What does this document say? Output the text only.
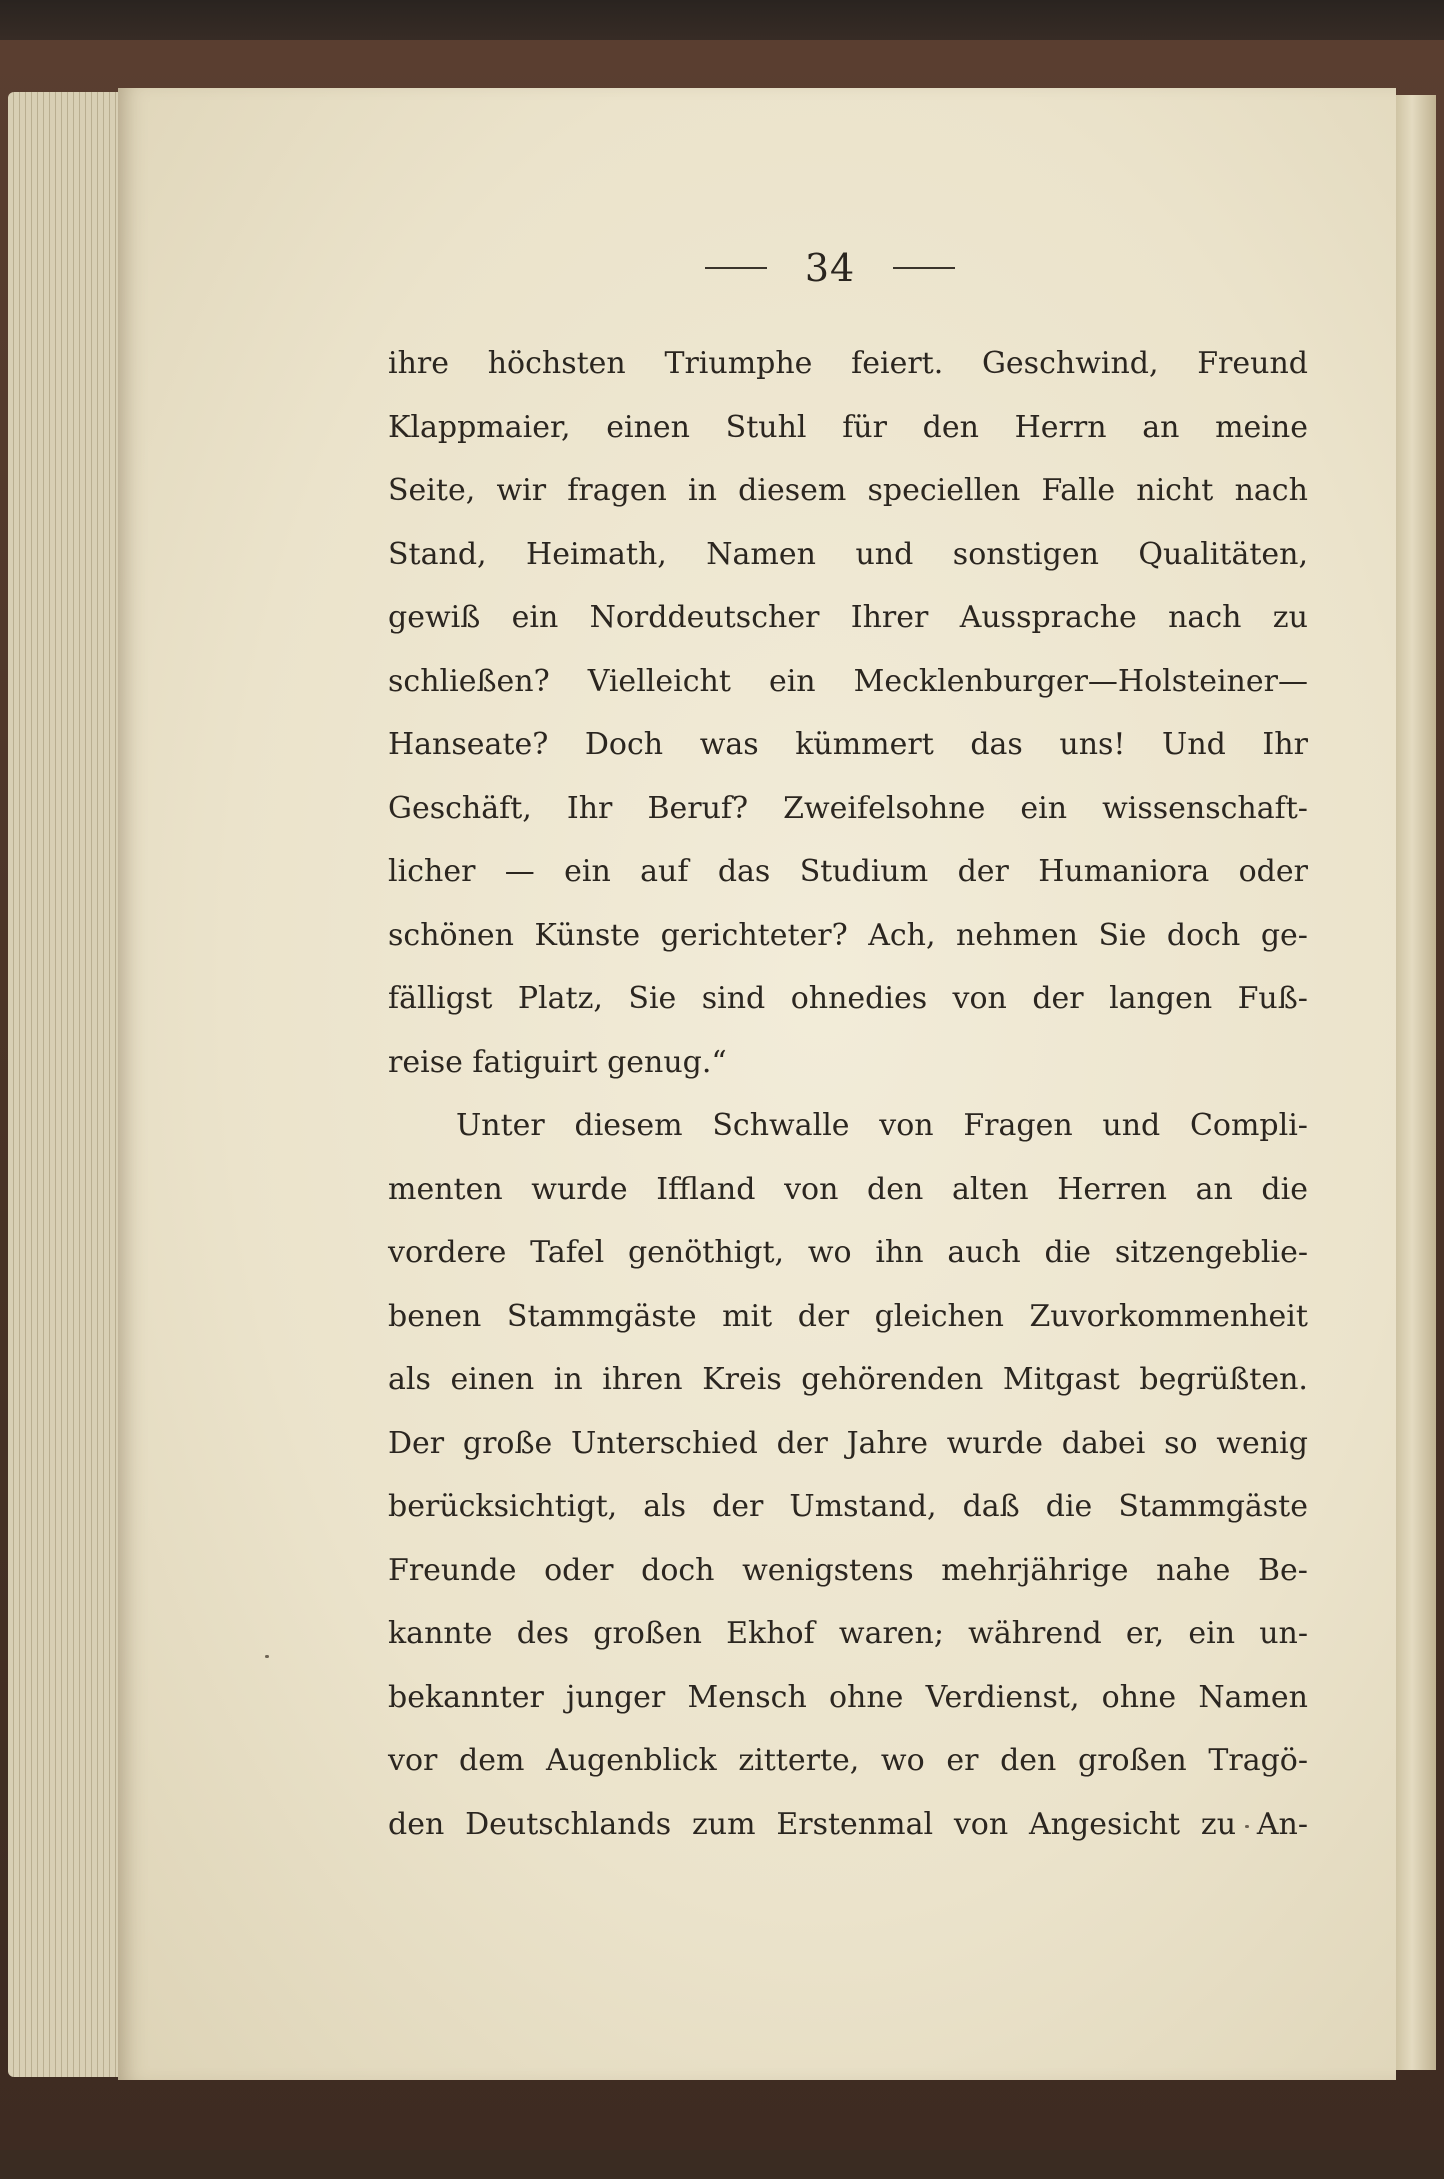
34
ihre höchsten Triumphe feiert. Geschwind, Freund
Klappmaier, einen Stuhl für den Herrn an meine
Seite, wir fragen in diesem speciellen Falle nicht nach
Stand, Heimath, Namen und sonstigen Qualitäten,
gewiß ein Norddeutscher Ihrer Aussprache nach zu
schließen? Vielleicht ein Mecklenburger—Holsteiner—
Hanseate? Doch was kümmert das uns! Und Ihr
Geschäft, Ihr Beruf? Zweifelsohne ein wissenschaft-
licher — ein auf das Studium der Humaniora oder
schönen Künste gerichteter? Ach, nehmen Sie doch ge-
fälligst Platz, Sie sind ohnedies von der langen Fuß-
reise fatiguirt genug.“
Unter diesem Schwalle von Fragen und Compli-
menten wurde Iffland von den alten Herren an die
vordere Tafel genöthigt, wo ihn auch die sitzengeblie-
benen Stammgäste mit der gleichen Zuvorkommenheit
als einen in ihren Kreis gehörenden Mitgast begrüßten.
Der große Unterschied der Jahre wurde dabei so wenig
berücksichtigt, als der Umstand, daß die Stammgäste
Freunde oder doch wenigstens mehrjährige nahe Be-
kannte des großen Ekhof waren; während er, ein un-
bekannter junger Mensch ohne Verdienst, ohne Namen
vor dem Augenblick zitterte, wo er den großen Tragö-
den Deutschlands zum Erstenmal von Angesicht zu An-
